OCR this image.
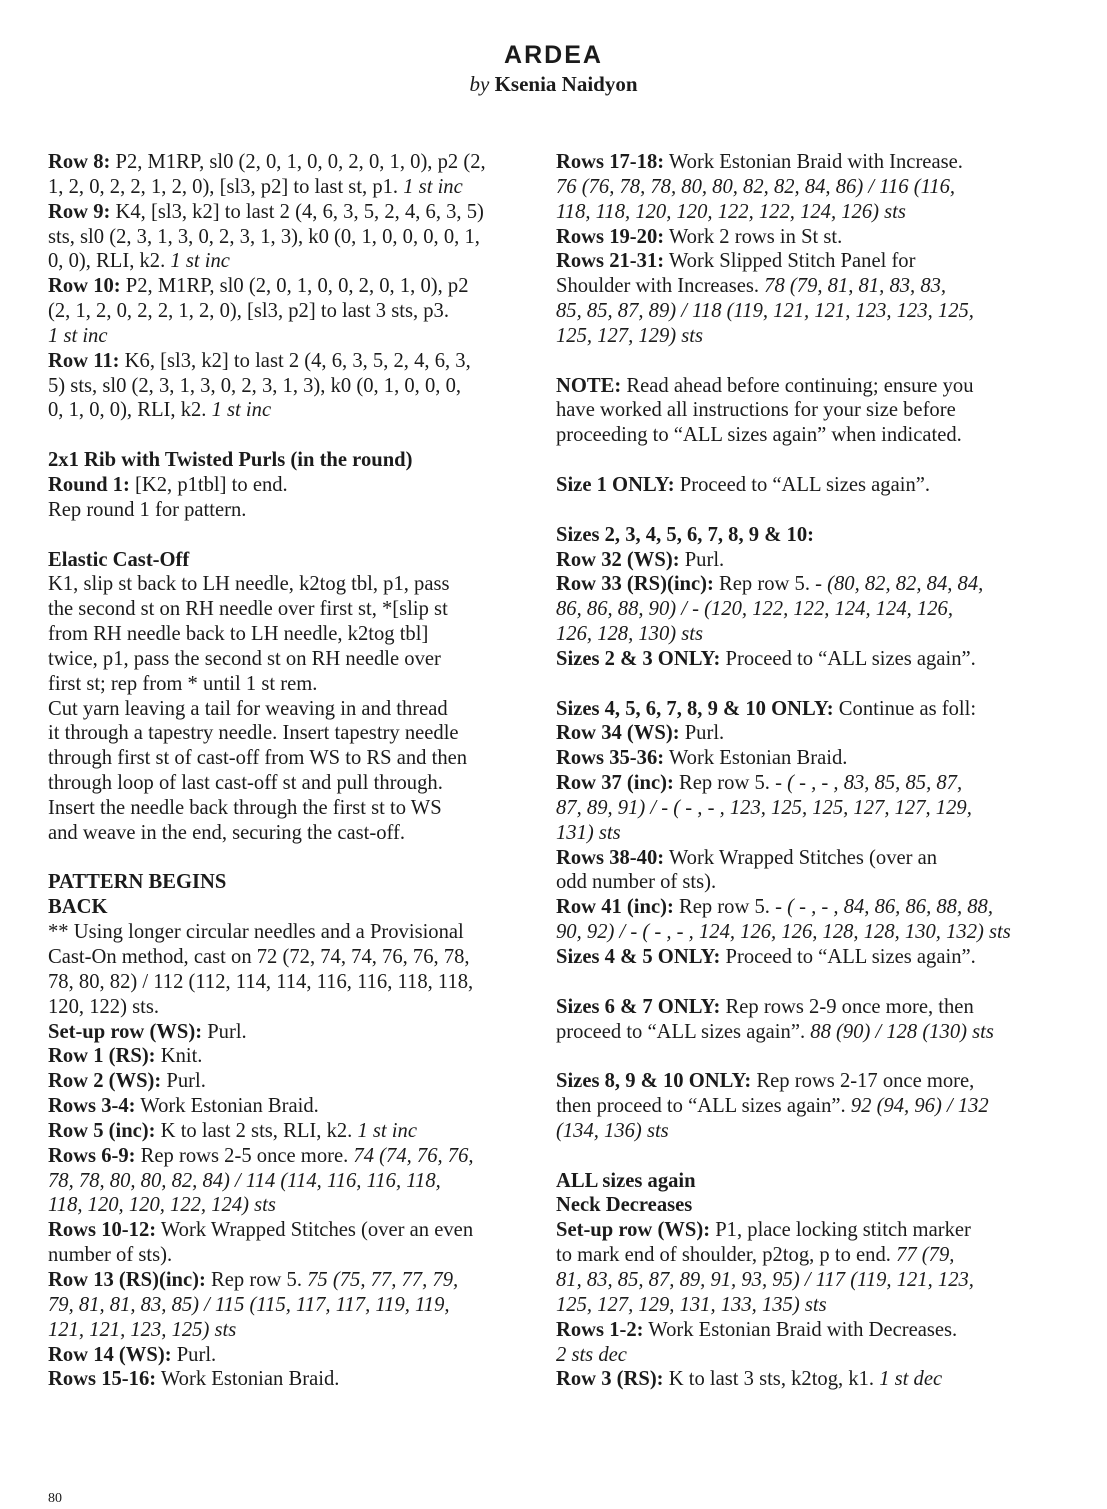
ARDEA
by Ksenia Naidyon

Row 8: P2, M1RP, sl0 (2, 0, 1, 0, 0, 2, 0, 1, 0), p2 (2,

1, 2, 0, 2, 2, 1, 2, 0), [sl3, p2] to last st, p1. 1 st inc

Row 9: K4, [sl3, k2] to last 2 (4, 6, 3, 5, 2, 4, 6, 3, 5)

sts, sl0 (2, 3, 1, 3, 0, 2, 3, 1, 3), k0 (0, 1, 0, 0, 0, 0, 1,

0, 0), RLI, k2. 1 st inc

Row 10: P2, M1RP, sl0 (2, 0, 1, 0, 0, 2, 0, 1, 0), p2

(2, 1, 2, 0, 2, 2, 1, 2, 0), [sl3, p2] to last 3 sts, p3.

1 st inc

Row 11: K6, [sl3, k2] to last 2 (4, 6, 3, 5, 2, 4, 6, 3,

5) sts, sl0 (2, 3, 1, 3, 0, 2, 3, 1, 3), k0 (0, 1, 0, 0, 0,

0, 1, 0, 0), RLI, k2. 1 st inc

2x1 Rib with Twisted Purls (in the round)

Round 1: [K2, p1tbl] to end.

Rep round 1 for pattern.

Elastic Cast-Off

K1, slip st back to LH needle, k2tog tbl, p1, pass

the second st on RH needle over first st, *[slip st

from RH needle back to LH needle, k2tog tbl]

twice, p1, pass the second st on RH needle over

first st; rep from * until 1 st rem.

Cut yarn leaving a tail for weaving in and thread

it through a tapestry needle. Insert tapestry needle

through first st of cast-off from WS to RS and then

through loop of last cast-off st and pull through.

Insert the needle back through the first st to WS

and weave in the end, securing the cast-off.

PATTERN BEGINS

BACK

** Using longer circular needles and a Provisional

Cast-On method, cast on 72 (72, 74, 74, 76, 76, 78,

78, 80, 82) / 112 (112, 114, 114, 116, 116, 118, 118,

120, 122) sts.

Set-up row (WS): Purl.

Row 1 (RS): Knit.

Row 2 (WS): Purl.

Rows 3-4: Work Estonian Braid.

Row 5 (inc): K to last 2 sts, RLI, k2. 1 st inc

Rows 6-9: Rep rows 2-5 once more. 74 (74, 76, 76,

78, 78, 80, 80, 82, 84) / 114 (114, 116, 116, 118,

118, 120, 120, 122, 124) sts

Rows 10-12: Work Wrapped Stitches (over an even

number of sts).

Row 13 (RS)(inc): Rep row 5. 75 (75, 77, 77, 79,

79, 81, 81, 83, 85) / 115 (115, 117, 117, 119, 119,

121, 121, 123, 125) sts

Row 14 (WS): Purl.

Rows 15-16: Work Estonian Braid.

Rows 17-18: Work Estonian Braid with Increase.

76 (76, 78, 78, 80, 80, 82, 82, 84, 86) / 116 (116,

118, 118, 120, 120, 122, 122, 124, 126) sts

Rows 19-20: Work 2 rows in St st.

Rows 21-31: Work Slipped Stitch Panel for

Shoulder with Increases. 78 (79, 81, 81, 83, 83,

85, 85, 87, 89) / 118 (119, 121, 121, 123, 123, 125,

125, 127, 129) sts

NOTE: Read ahead before continuing; ensure you

have worked all instructions for your size before

proceeding to “ALL sizes again” when indicated.

Size 1 ONLY: Proceed to “ALL sizes again”.

Sizes 2, 3, 4, 5, 6, 7, 8, 9 & 10:

Row 32 (WS): Purl.

Row 33 (RS)(inc): Rep row 5. - (80, 82, 82, 84, 84,

86, 86, 88, 90) / - (120, 122, 122, 124, 124, 126,

126, 128, 130) sts

Sizes 2 & 3 ONLY: Proceed to “ALL sizes again”.

Sizes 4, 5, 6, 7, 8, 9 & 10 ONLY: Continue as foll:

Row 34 (WS): Purl.

Rows 35-36: Work Estonian Braid.

Row 37 (inc): Rep row 5. - ( - , - , 83, 85, 85, 87,

87, 89, 91) / - ( - , - , 123, 125, 125, 127, 127, 129,

131) sts

Rows 38-40: Work Wrapped Stitches (over an

odd number of sts).

Row 41 (inc): Rep row 5. - ( - , - , 84, 86, 86, 88, 88,

90, 92) / - ( - , - , 124, 126, 126, 128, 128, 130, 132) sts

Sizes 4 & 5 ONLY: Proceed to “ALL sizes again”.

Sizes 6 & 7 ONLY: Rep rows 2-9 once more, then

proceed to “ALL sizes again”. 88 (90) / 128 (130) sts

Sizes 8, 9 & 10 ONLY: Rep rows 2-17 once more,

then proceed to “ALL sizes again”. 92 (94, 96) / 132

(134, 136) sts

ALL sizes again

Neck Decreases

Set-up row (WS): P1, place locking stitch marker

to mark end of shoulder, p2tog, p to end. 77 (79,

81, 83, 85, 87, 89, 91, 93, 95) / 117 (119, 121, 123,

125, 127, 129, 131, 133, 135) sts

Rows 1-2: Work Estonian Braid with Decreases.

2 sts dec

Row 3 (RS): K to last 3 sts, k2tog, k1. 1 st dec

80
